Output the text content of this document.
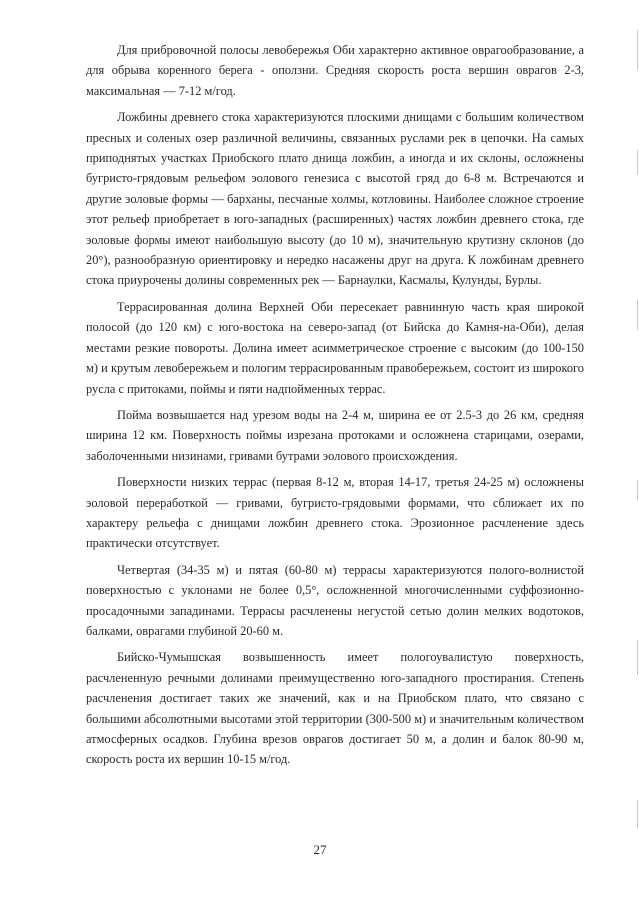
Для прибровочной полосы левобережья Оби характерно активное оврагообразование, а для обрыва коренного берега - оползни. Средняя скорость роста вершин оврагов 2-3, максимальная — 7-12 м/год.

Ложбины древнего стока характеризуются плоскими днищами с большим количеством пресных и соленых озер различной величины, связанных руслами рек в цепочки. На самых приподнятых участках Приобского плато днища ложбин, а иногда и их склоны, осложнены бугристо-грядовым рельефом эолового генезиса с высотой гряд до 6-8 м. Встречаются и другие эоловые формы — барханы, песчаные холмы, котловины. Наиболее сложное строение этот рельеф приобретает в юго-западных (расширенных) частях ложбин древнего стока, где эоловые формы имеют наибольшую высоту (до 10 м), значительную крутизну склонов (до 20°), разнообразную ориентировку и нередко насажены друг на друга. К ложбинам древнего стока приурочены долины современных рек — Барнаулки, Касмалы, Кулунды, Бурлы.

Террасированная долина Верхней Оби пересекает равнинную часть края широкой полосой (до 120 км) с юго-востока на северо-запад (от Бийска до Камня-на-Оби), делая местами резкие повороты. Долина имеет асимметрическое строение с высоким (до 100-150 м) и крутым левобережьем и пологим террасированным правобережьем, состоит из широкого русла с притоками, поймы и пяти надпойменных террас.

Пойма возвышается над урезом воды на 2-4 м, ширина ее от 2.5-3 до 26 км, средняя ширина 12 км. Поверхность поймы изрезана протоками и осложнена старицами, озерами, заболоченными низинами, гривами бутрами эолового происхождения.

Поверхности низких террас (первая 8-12 м, вторая 14-17, третья 24-25 м) осложнены эоловой переработкой — гривами, бугристо-грядовыми формами, что сближает их по характеру рельефа с днищами ложбин древнего стока. Эрозионное расчленение здесь практически отсутствует.

Четвертая (34-35 м) и пятая (60-80 м) террасы характеризуются полого-волнистой поверхностью с уклонами не более 0,5°, осложненной многочисленными суффозионно-просадочными западинами. Террасы расчленены негустой сетью долин мелких водотоков, балками, оврагами глубиной 20-60 м.

Бийско-Чумышская возвышенность имеет пологоувалистую поверхность, расчлененную речными долинами преимущественно юго-западного простирания. Степень расчленения достигает таких же значений, как и на Приобском плато, что связано с большими абсолютными высотами этой территории (300-500 м) и значительным количеством атмосферных осадков. Глубина врезов оврагов достигает 50 м, а долин и балок 80-90 м, скорость роста их вершин 10-15 м/год.

27
